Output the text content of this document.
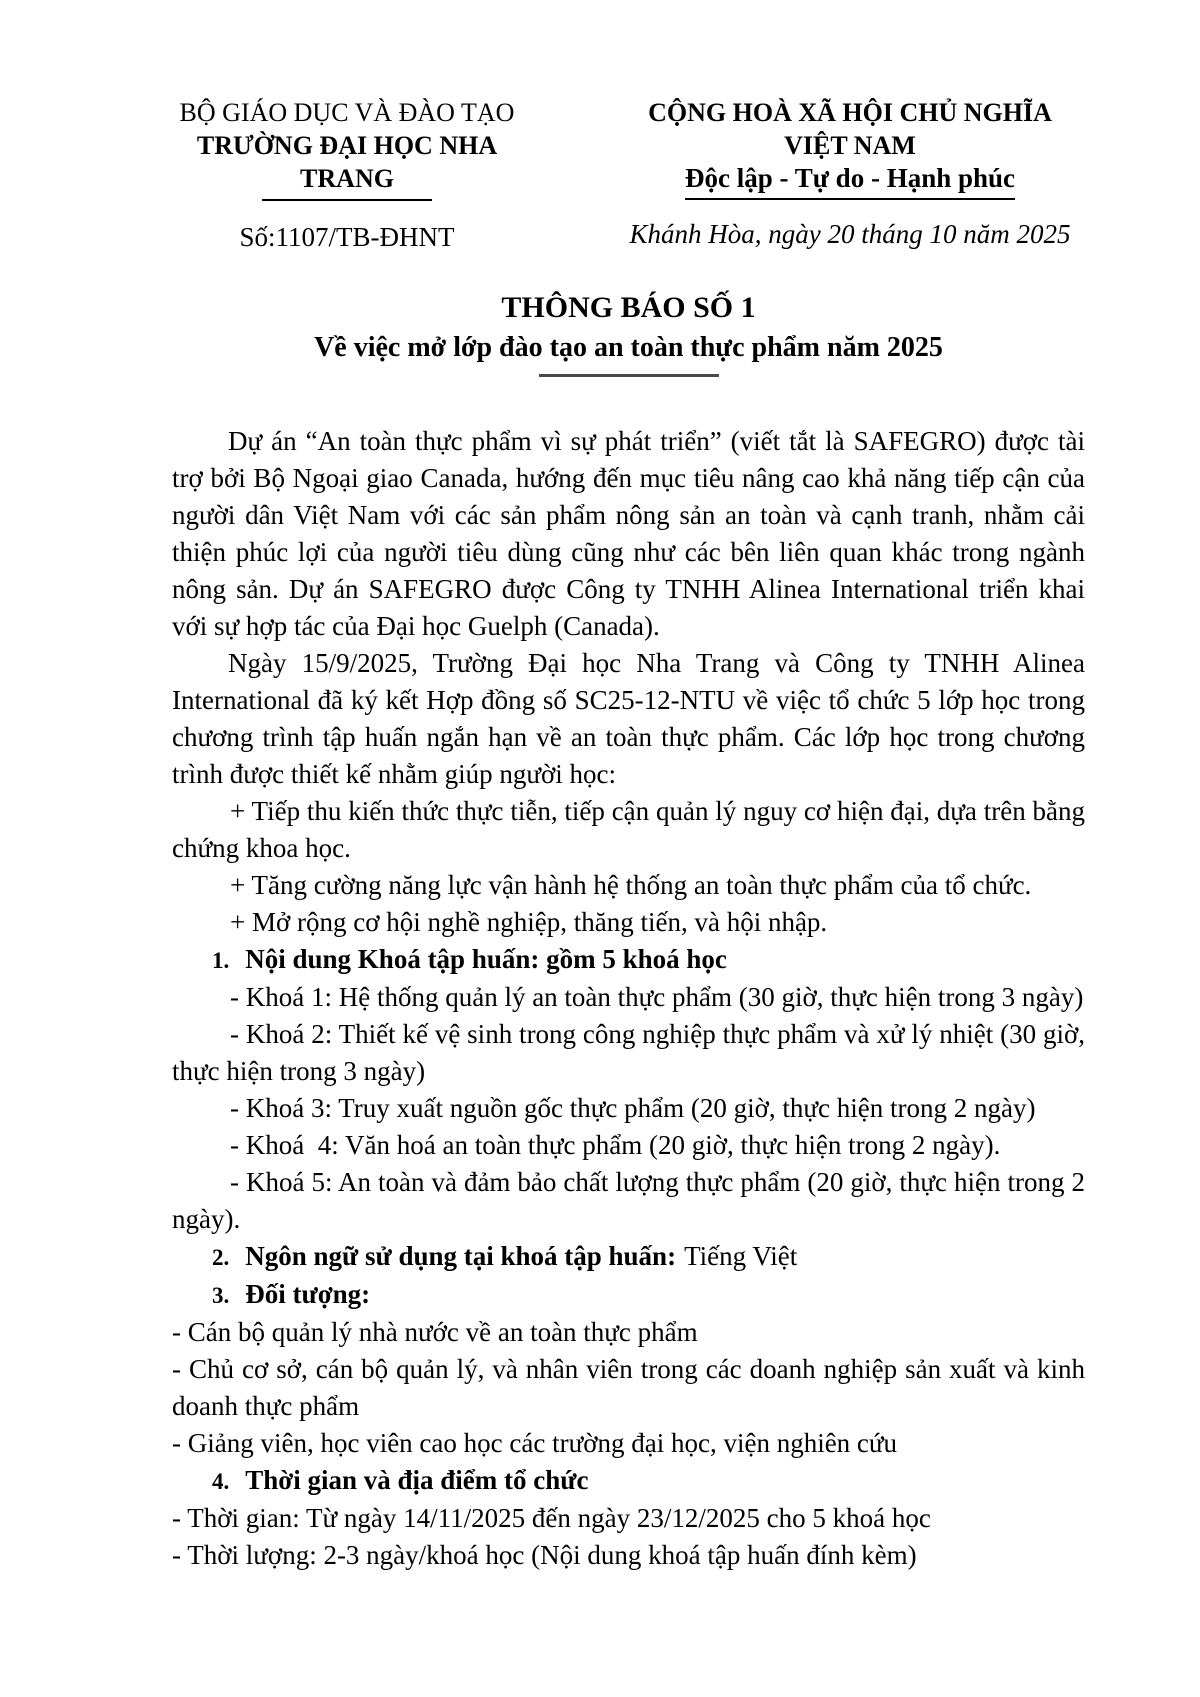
BỘ GIÁO DỤC VÀ ĐÀO TẠO
TRƯỜNG ĐẠI HỌC NHA TRANG
Số:1107/TB-ĐHNT
CỘNG HOÀ XÃ HỘI CHỦ NGHĨA VIỆT NAM
Độc lập - Tự do - Hạnh phúc
Khánh Hòa, ngày 20 tháng 10 năm 2025
THÔNG BÁO SỐ 1
Về việc mở lớp đào tạo an toàn thực phẩm năm 2025

Dự án “An toàn thực phẩm vì sự phát triển” (viết tắt là SAFEGRO) được tài trợ bởi Bộ Ngoại giao Canada, hướng đến mục tiêu nâng cao khả năng tiếp cận của người dân Việt Nam với các sản phẩm nông sản an toàn và cạnh tranh, nhằm cải thiện phúc lợi của người tiêu dùng cũng như các bên liên quan khác trong ngành nông sản. Dự án SAFEGRO được Công ty TNHH Alinea International triển khai với sự hợp tác của Đại học Guelph (Canada).

Ngày 15/9/2025, Trường Đại học Nha Trang và Công ty TNHH Alinea International đã ký kết Hợp đồng số SC25-12-NTU về việc tổ chức 5 lớp học trong chương trình tập huấn ngắn hạn về an toàn thực phẩm. Các lớp học trong chương trình được thiết kế nhằm giúp người học:

+ Tiếp thu kiến thức thực tiễn, tiếp cận quản lý nguy cơ hiện đại, dựa trên bằng chứng khoa học.

+ Tăng cường năng lực vận hành hệ thống an toàn thực phẩm của tổ chức.

+ Mở rộng cơ hội nghề nghiệp, thăng tiến, và hội nhập.

1. Nội dung Khoá tập huấn: gồm 5 khoá học

- Khoá 1: Hệ thống quản lý an toàn thực phẩm (30 giờ, thực hiện trong 3 ngày)

- Khoá 2: Thiết kế vệ sinh trong công nghiệp thực phẩm và xử lý nhiệt (30 giờ, thực hiện trong 3 ngày)

- Khoá 3: Truy xuất nguồn gốc thực phẩm (20 giờ, thực hiện trong 2 ngày)

- Khoá  4: Văn hoá an toàn thực phẩm (20 giờ, thực hiện trong 2 ngày).

- Khoá 5: An toàn và đảm bảo chất lượng thực phẩm (20 giờ, thực hiện trong 2 ngày).

2. Ngôn ngữ sử dụng tại khoá tập huấn: Tiếng Việt

3. Đối tượng:

- Cán bộ quản lý nhà nước về an toàn thực phẩm

- Chủ cơ sở, cán bộ quản lý, và nhân viên trong các doanh nghiệp sản xuất và kinh doanh thực phẩm

- Giảng viên, học viên cao học các trường đại học, viện nghiên cứu

4. Thời gian và địa điểm tổ chức

- Thời gian: Từ ngày 14/11/2025 đến ngày 23/12/2025 cho 5 khoá học

- Thời lượng: 2-3 ngày/khoá học (Nội dung khoá tập huấn đính kèm)
